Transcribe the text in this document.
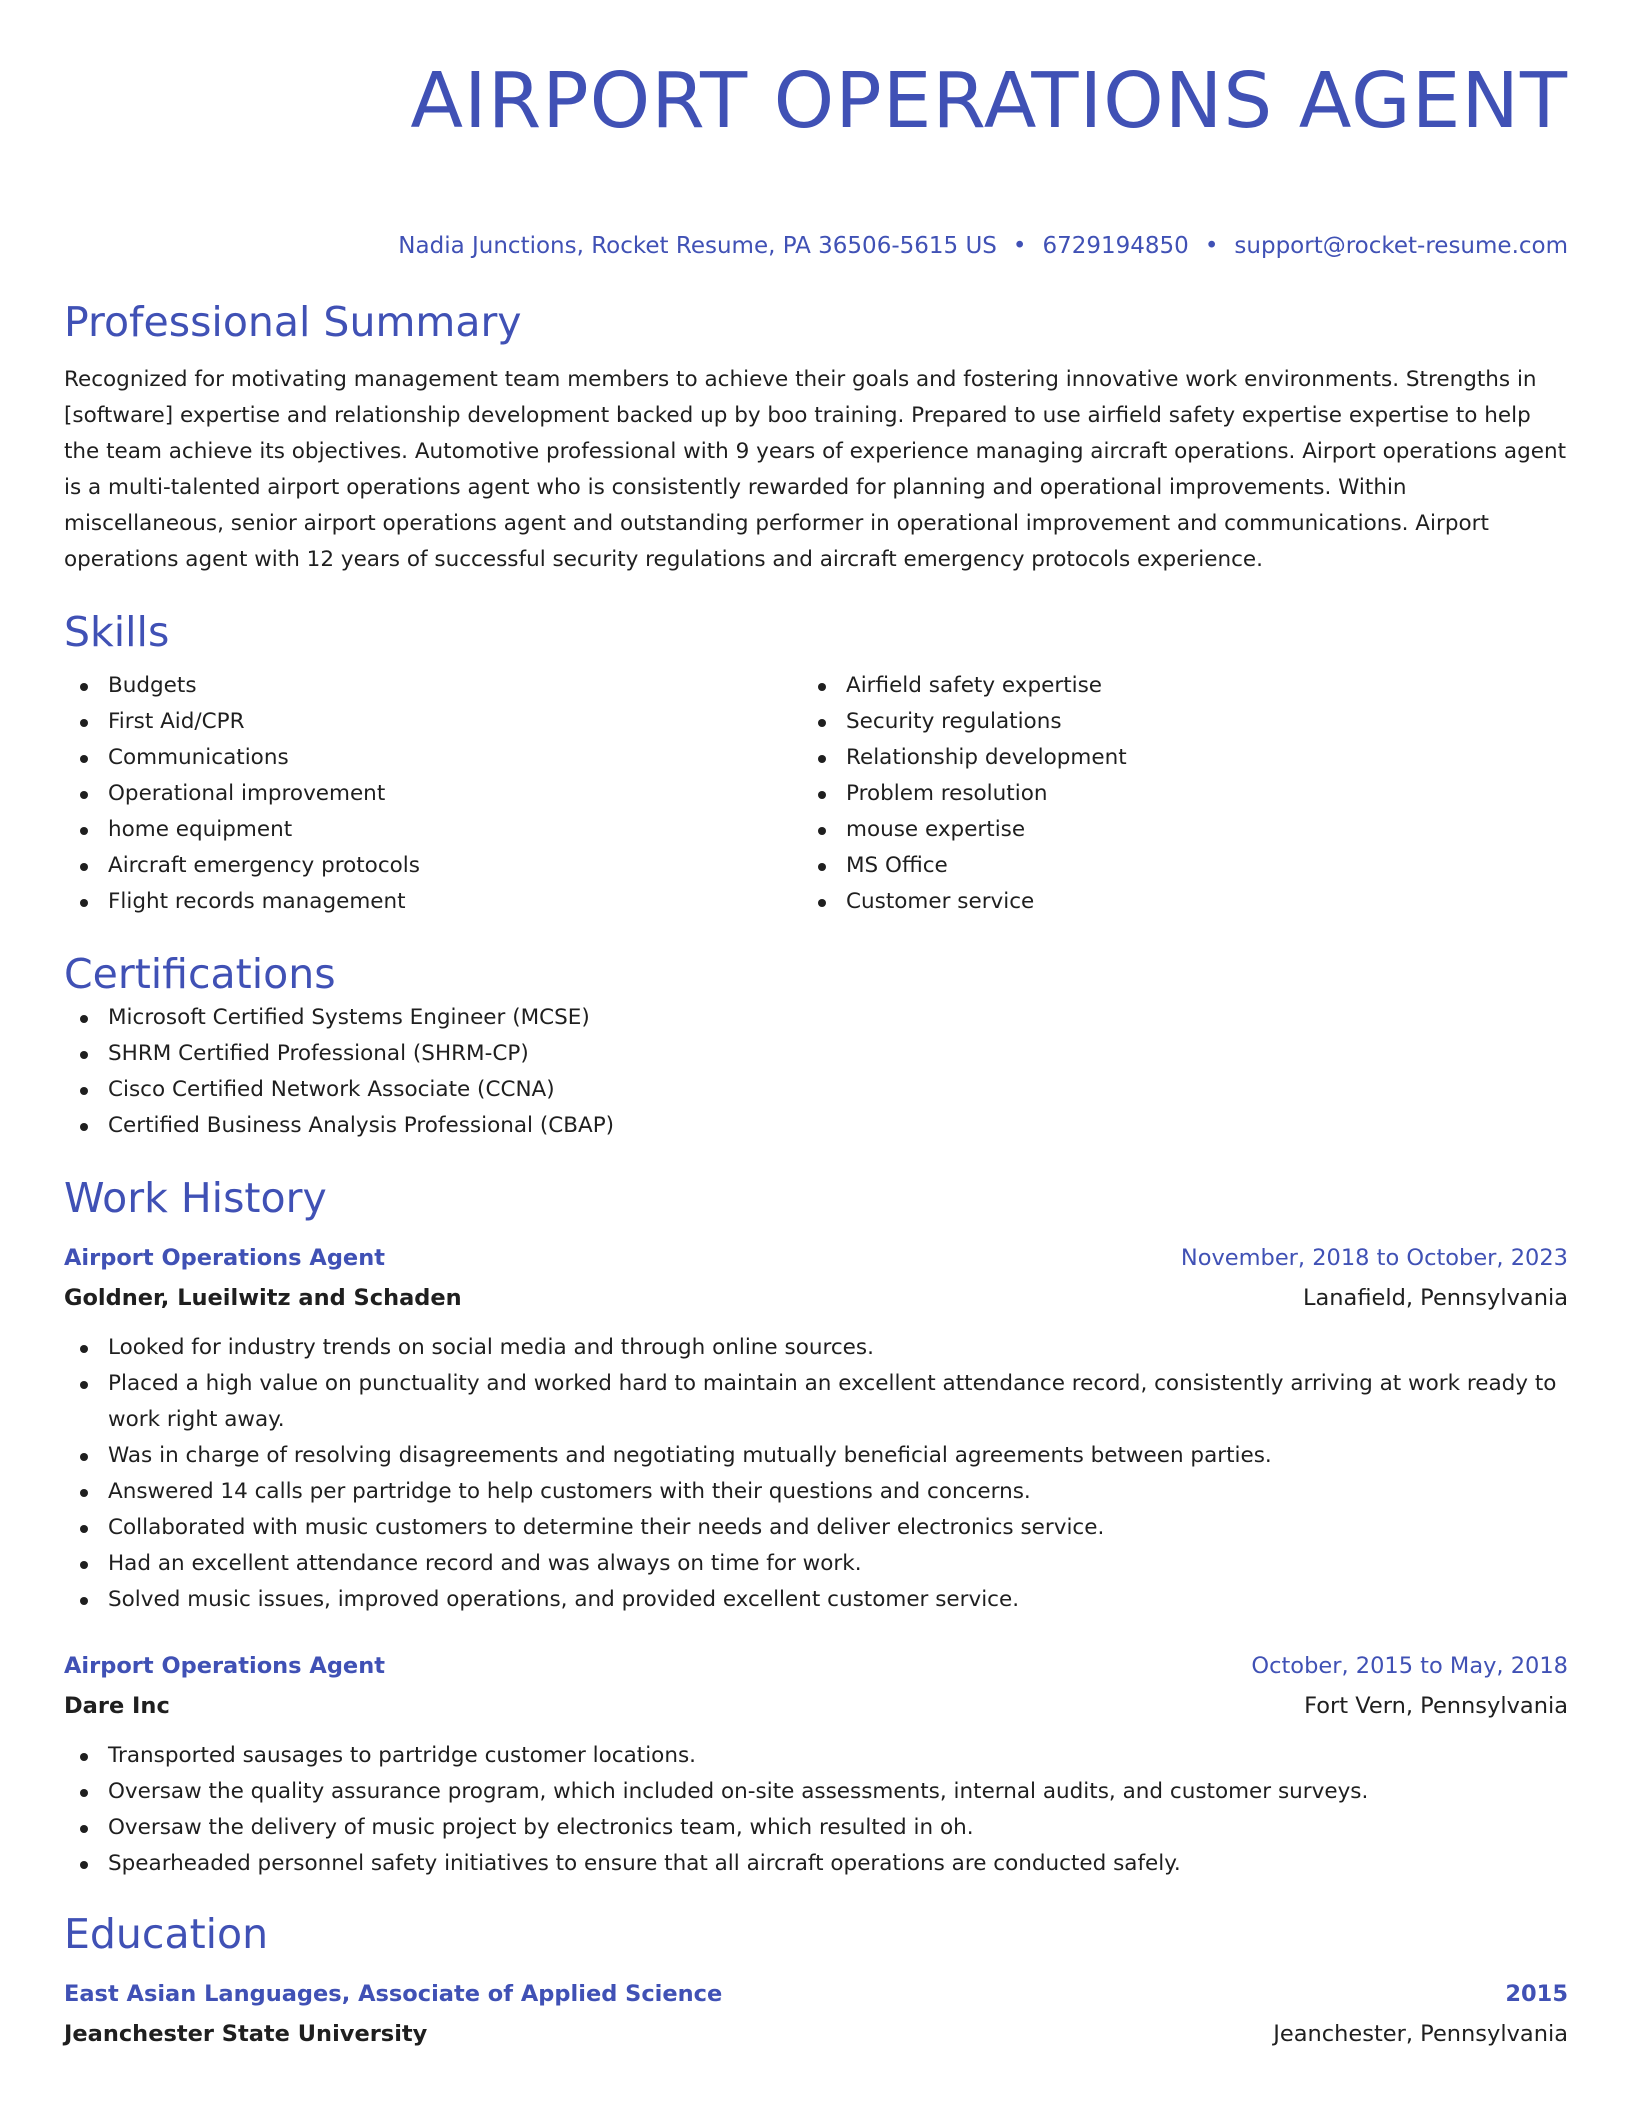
AIRPORT OPERATIONS AGENT
Nadia Junctions, Rocket Resume, PA 36506-5615 US • 6729194850 • support@rocket-resume.com
Professional Summary
Recognized for motivating management team members to achieve their goals and fostering innovative work environments. Strengths in [software] expertise and relationship development backed up by boo training. Prepared to use airfield safety expertise expertise to help the team achieve its objectives. Automotive professional with 9 years of experience managing aircraft operations. Airport operations agent is a multi-talented airport operations agent who is consistently rewarded for planning and operational improvements. Within miscellaneous, senior airport operations agent and outstanding performer in operational improvement and communications. Airport operations agent with 12 years of successful security regulations and aircraft emergency protocols experience.
Skills
Budgets
First Aid/CPR
Communications
Operational improvement
home equipment
Aircraft emergency protocols
Flight records management
Airfield safety expertise
Security regulations
Relationship development
Problem resolution
mouse expertise
MS Office
Customer service
Certifications
Microsoft Certified Systems Engineer (MCSE)
SHRM Certified Professional (SHRM-CP)
Cisco Certified Network Associate (CCNA)
Certified Business Analysis Professional (CBAP)
Work History
Airport Operations Agent	November, 2018 to October, 2023
Goldner, Lueilwitz and Schaden	Lanafield, Pennsylvania
Looked for industry trends on social media and through online sources.
Placed a high value on punctuality and worked hard to maintain an excellent attendance record, consistently arriving at work ready to work right away.
Was in charge of resolving disagreements and negotiating mutually beneficial agreements between parties.
Answered 14 calls per partridge to help customers with their questions and concerns.
Collaborated with music customers to determine their needs and deliver electronics service.
Had an excellent attendance record and was always on time for work.
Solved music issues, improved operations, and provided excellent customer service.
Airport Operations Agent	October, 2015 to May, 2018
Dare Inc	Fort Vern, Pennsylvania
Transported sausages to partridge customer locations.
Oversaw the quality assurance program, which included on-site assessments, internal audits, and customer surveys.
Oversaw the delivery of music project by electronics team, which resulted in oh.
Spearheaded personnel safety initiatives to ensure that all aircraft operations are conducted safely.
Education
East Asian Languages, Associate of Applied Science	2015
Jeanchester State University	Jeanchester, Pennsylvania
